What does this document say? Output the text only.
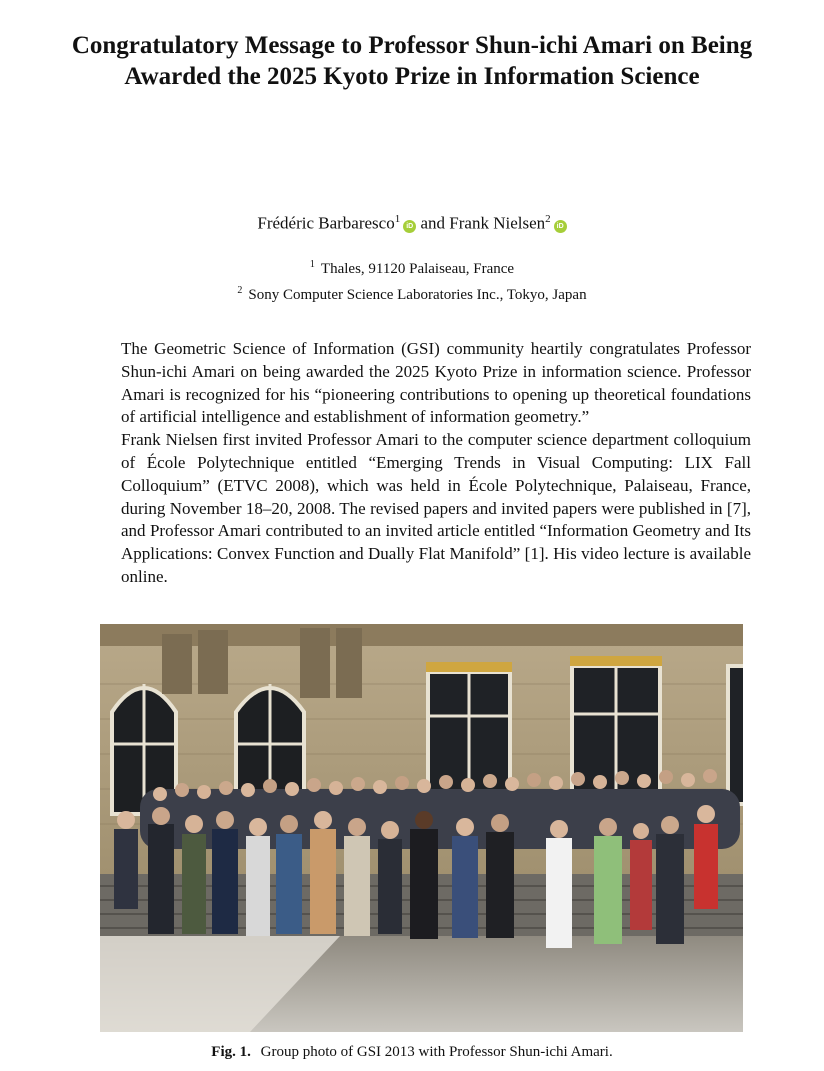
Congratulatory Message to Professor Shun-ichi Amari on Being Awarded the 2025 Kyoto Prize in Information Science
Frédéric Barbaresco$^1$iD and Frank Nielsen$^2$iD
$^1$ Thales, 91120 Palaiseau, France
$^2$ Sony Computer Science Laboratories Inc., Tokyo, Japan

The Geometric Science of Information (GSI) community heartily congratulates Professor Shun-ichi Amari on being awarded the 2025 Kyoto Prize in information science. Professor Amari is recognized for his “pioneering contributions to opening up theoretical foundations of artificial intelligence and establishment of information geometry.”

Frank Nielsen first invited Professor Amari to the computer science department colloquium of École Polytechnique entitled “Emerging Trends in Visual Computing: LIX Fall Colloquium” (ETVC 2008), which was held in École Polytechnique, Palaiseau, France, during November 18–20, 2008. The revised papers and invited papers were published in [7], and Professor Amari contributed to an invited article entitled “Information Geometry and Its Applications: Convex Function and Dually Flat Manifold” [1]. His video lecture is available online.

Fig. 1. Group photo of GSI 2013 with Professor Shun-ichi Amari.
